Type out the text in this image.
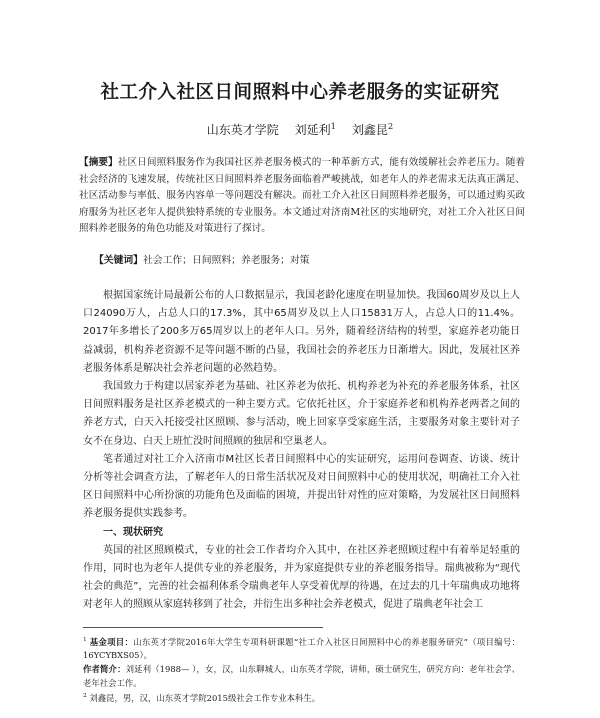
社工介入社区日间照料中心养老服务的实证研究
山东英才学院 刘延利$^1$ 刘鑫昆$^2$

【摘要】社区日间照料服务作为我国社区养老服务模式的一种革新方式，能有效缓解社会养老压力。随着社会经济的飞速发展，传统社区日间照料养老服务面临着严峻挑战，如老年人的养老需求无法真正满足、社区活动参与率低、服务内容单一等问题没有解决。而社工介入社区日间照料养老服务，可以通过购买政府服务为社区老年人提供独特系统的专业服务。本文通过对济南M社区的实地研究，对社工介入社区日间照料养老服务的角色功能及对策进行了探讨。

【关键词】社会工作；日间照料；养老服务；对策

根据国家统计局最新公布的人口数据显示，我国老龄化速度在明显加快。我国60周岁及以上人口24090万人，占总人口的17.3%，其中65周岁及以上人口15831万人，占总人口的11.4%。2017年多增长了200多万65周岁以上的老年人口。另外，随着经济结构的转型，家庭养老功能日益减弱，机构养老资源不足等问题不断的凸显，我国社会的养老压力日渐增大。因此，发展社区养老服务体系是解决社会养老问题的必然趋势。

我国致力于构建以居家养老为基础、社区养老为依托、机构养老为补充的养老服务体系，社区日间照料服务是社区养老模式的一种主要方式。它依托社区，介于家庭养老和机构养老两者之间的养老方式，白天入托接受社区照顾、参与活动，晚上回家享受家庭生活，主要服务对象主要针对子女不在身边、白天上班忙没时间照顾的独居和空巢老人。

笔者通过对社工介入济南市M社区长者日间照料中心的实证研究，运用问卷调查、访谈、统计分析等社会调查方法，了解老年人的日常生活状况及对日间照料中心的使用状况，明确社工介入社区日间照料中心所扮演的功能角色及面临的困境，并提出针对性的应对策略，为发展社区日间照料养老服务提供实践参考。

一、现状研究

英国的社区照顾模式，专业的社会工作者均介入其中，在社区养老照顾过程中有着举足轻重的作用，同时也为老年人提供专业的养老服务，并为家庭提供专业的养老服务指导。瑞典被称为“现代社会的典范”，完善的社会福利体系令瑞典老年人享受着优厚的待遇，在过去的几十年瑞典成功地将对老年人的照顾从家庭转移到了社会，并衍生出多种社会养老模式，促进了瑞典老年社会工

$^1$ 基金项目：山东英才学院2016年大学生专项科研课题“社工介入社区日间照料中心的养老服务研究”（项目编号：16YCYBXS05）。
作者简介：刘延利（1988— ），女，汉，山东聊城人，山东英才学院，讲师，硕士研究生，研究方向：老年社会学、老年社会工作。
$^2$ 刘鑫昆，男，汉，山东英才学院2015级社会工作专业本科生。
